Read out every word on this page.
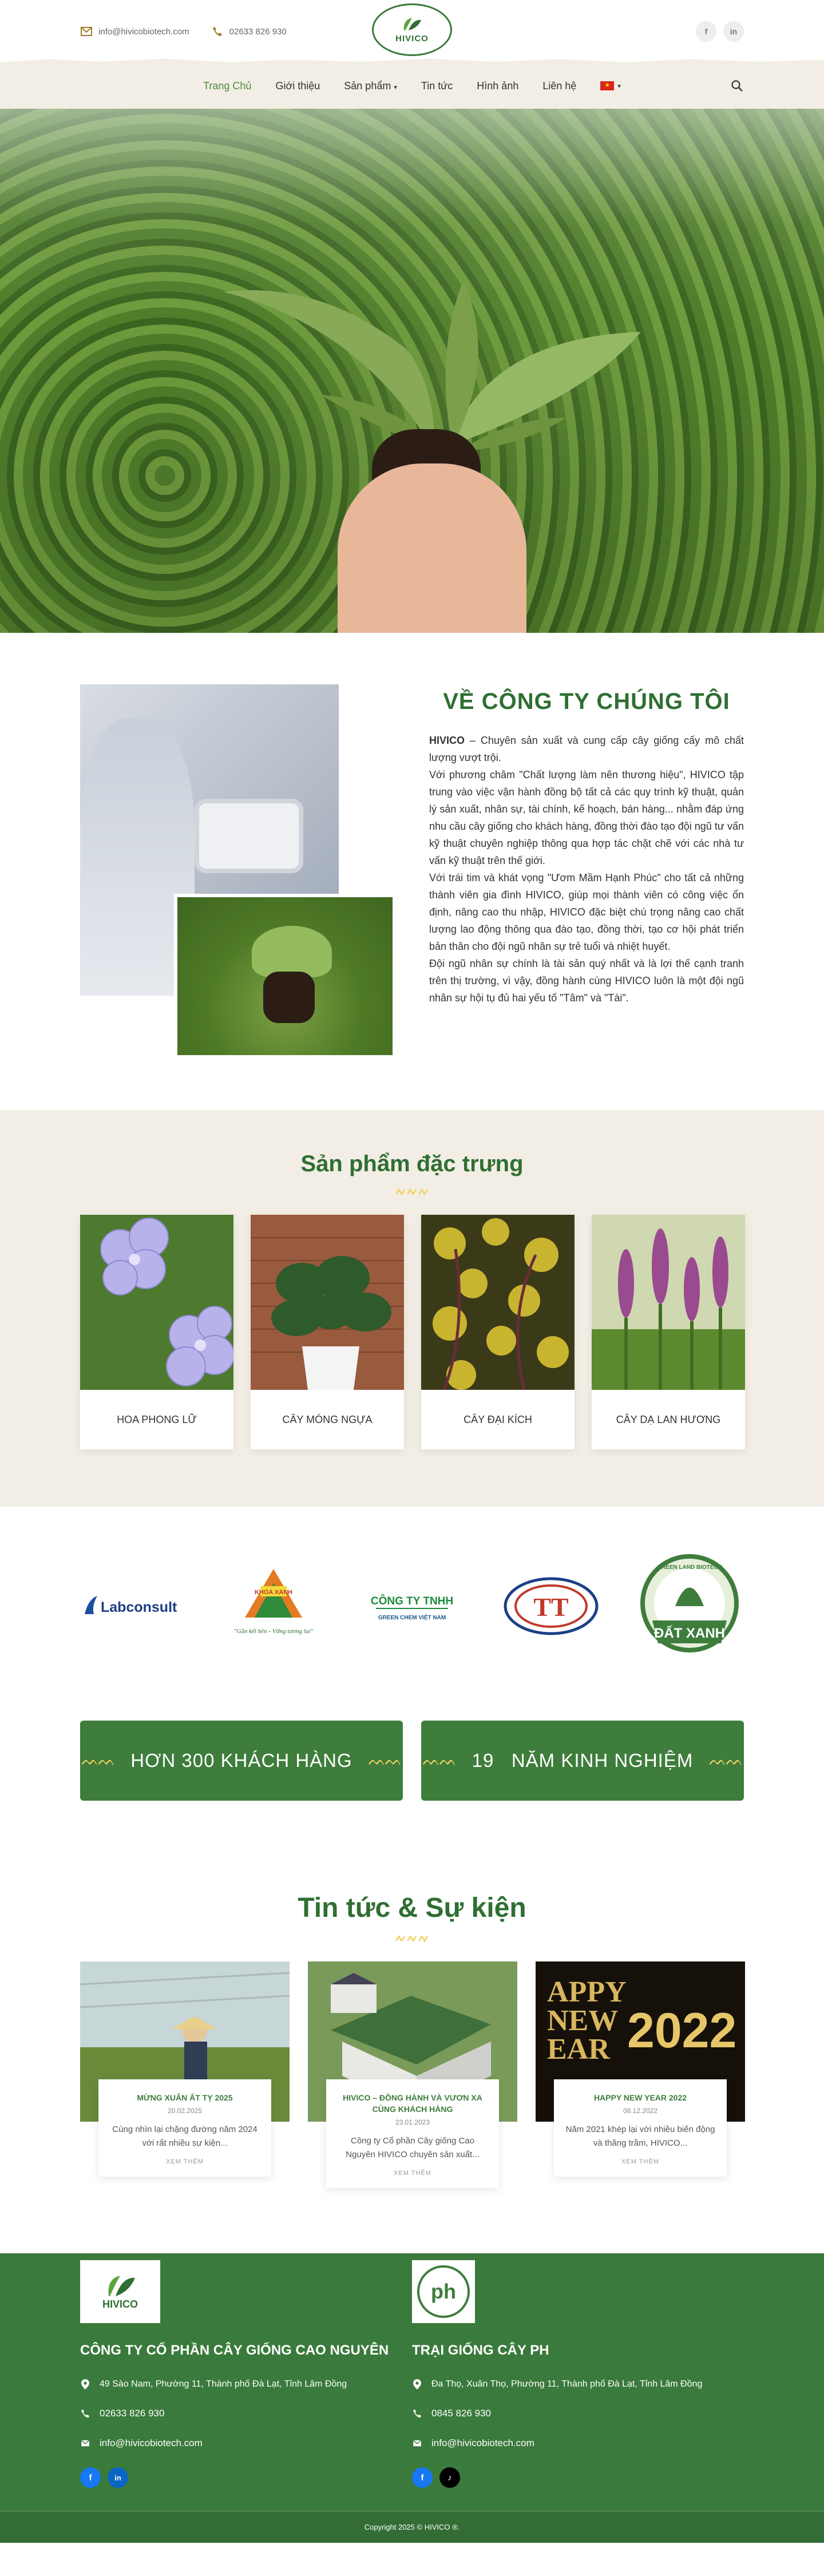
info@hivicobiotech.com	02633 826 930
HIVICO
f	in
Trang Chủ Giới thiệu Sản phẩm ▾ Tin tức Hình ảnh Liên hệ
★	▾
VỀ CÔNG TY CHÚNG TÔI

HIVICO – Chuyên sản xuất và cung cấp cây giống cấy mô chất lượng vượt trội.

Với phương châm "Chất lượng làm nên thương hiệu", HIVICO tập trung vào việc vận hành đồng bộ tất cả các quy trình kỹ thuật, quản lý sản xuất, nhân sự, tài chính, kế hoạch, bán hàng... nhằm đáp ứng nhu cầu cây giống cho khách hàng, đồng thời đào tạo đội ngũ tư vấn kỹ thuật chuyên nghiệp thông qua hợp tác chặt chẽ với các nhà tư vấn kỹ thuật trên thế giới.

Với trái tim và khát vọng "Ươm Mầm Hạnh Phúc" cho tất cả những thành viên gia đình HIVICO, giúp mọi thành viên có công việc ổn định, nâng cao thu nhập, HIVICO đặc biệt chú trọng nâng cao chất lượng lao động thông qua đào tạo, đồng thời, tạo cơ hội phát triển bản thân cho đội ngũ nhân sự trẻ tuổi và nhiệt huyết.

Đội ngũ nhân sự chính là tài sản quý nhất và là lợi thế cạnh tranh trên thị trường, vì vậy, đồng hành cùng HIVICO luôn là một đội ngũ nhân sự hội tụ đủ hai yếu tố "Tâm" và "Tài".

Sản phẩm đặc trưng
HOA PHONG LỮ	CÂY MÓNG NGỰA	CÂY ĐẠI KÍCH	CÂY DẠ LAN HƯƠNG
Labconsult
KHOA XANH
"Gắn kết bền - Vững tương lai"
CÔNG TY TNHH
GREEN CHEM VIỆT NAM	TT
ĐẤT XANH
GREEN LAND BIOTECH
ᨓᨓ HƠN 300 KHÁCH HÀNG ᨓᨓ ᨓᨓ 19   NĂM KINH NGHIỆM ᨓᨓ
Tin tức & Sự kiện
MỪNG XUÂN ẤT TỴ 2025
20.02.2025
Cùng nhìn lại chặng đường năm 2024 với rất nhiều sự kiện...
XEM THÊM
HIVICO – ĐỒNG HÀNH VÀ VƯƠN XA CÙNG KHÁCH HÀNG
23.01.2023
Công ty Cổ phần Cây giống Cao Nguyên HIVICO chuyên sản xuất...
XEM THÊM
APPY
NEW
EAR 2022
HAPPY NEW YEAR 2022
08.12.2022
Năm 2021 khép lại với nhiều biến động và thăng trầm, HIVICO...
XEM THÊM
HIVICO
CÔNG TY CỔ PHẦN CÂY GIỐNG CAO NGUYÊN
49 Sào Nam, Phường 11, Thành phố Đà Lạt, Tỉnh Lâm Đồng
02633 826 930
info@hivicobiotech.com
f	in
ph
TRẠI GIỐNG CÂY PH
Đa Thọ, Xuân Thọ, Phường 11, Thành phố Đà Lạt, Tỉnh Lâm Đồng
0845 826 930
info@hivicobiotech.com
f	♪
Copyright 2025 © HIVICO ®.
